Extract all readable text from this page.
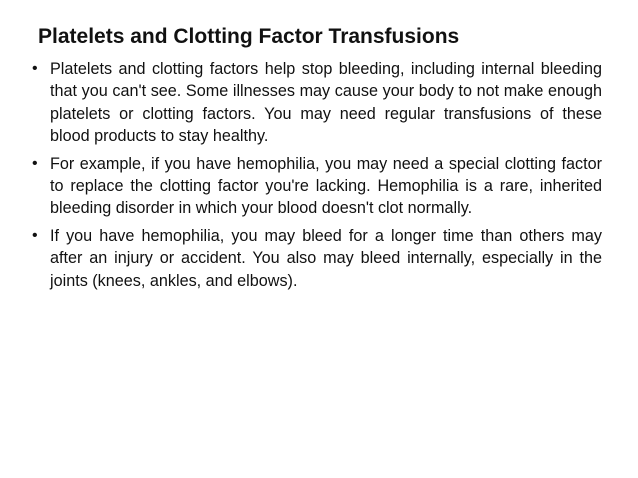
Platelets and Clotting Factor Transfusions
• Platelets and clotting factors help stop bleeding, including internal bleeding that you can't see. Some illnesses may cause your body to not make enough platelets or clotting factors. You may need regular transfusions of these blood products to stay healthy.
• For example, if you have hemophilia, you may need a special clotting factor to replace the clotting factor you're lacking. Hemophilia is a rare, inherited bleeding disorder in which your blood doesn't clot normally.
• If you have hemophilia, you may bleed for a longer time than others may after an injury or accident. You also may bleed internally, especially in the joints (knees, ankles, and elbows).
